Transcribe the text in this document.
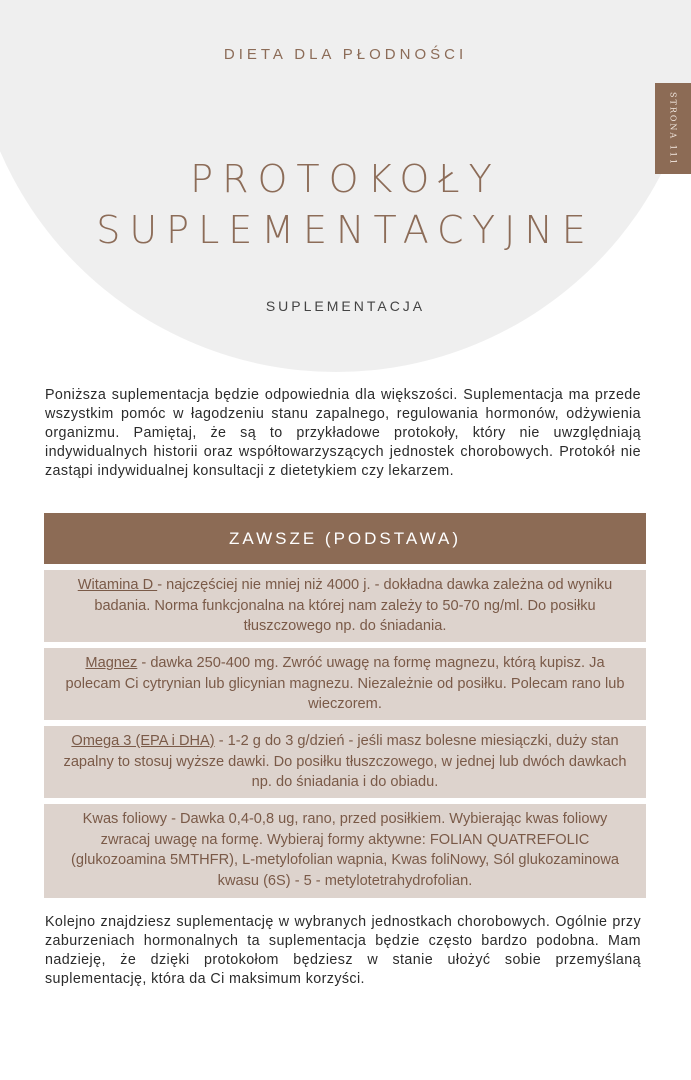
DIETA DLA PŁODNOŚCI
STRONA 111
PROTOKOŁY
SUPLEMENTACYJNE
SUPLEMENTACJA

Poniższa suplementacja będzie odpowiednia dla większości. Suplementacja ma przede wszystkim pomóc w łagodzeniu stanu zapalnego, regulowania hormonów, odżywienia organizmu. Pamiętaj, że są to przykładowe protokoły, który nie uwzględniają indywidualnych historii oraz współtowarzyszących jednostek chorobowych. Protokół nie zastąpi indywidualnej konsultacji z dietetykiem czy lekarzem.

ZAWSZE (PODSTAWA)
Witamina D - najczęściej nie mniej niż 4000 j. - dokładna dawka zależna od wyniku badania. Norma funkcjonalna na której nam zależy to 50-70 ng/ml. Do posiłku tłuszczowego np. do śniadania.
Magnez - dawka 250-400 mg. Zwróć uwagę na formę magnezu, którą kupisz. Ja polecam Ci cytrynian lub glicynian magnezu. Niezależnie od posiłku. Polecam rano lub wieczorem.
Omega 3 (EPA i DHA) - 1-2 g do 3 g/dzień - jeśli masz bolesne miesiączki, duży stan zapalny to stosuj wyższe dawki. Do posiłku tłuszczowego, w jednej lub dwóch dawkach np. do śniadania i do obiadu.
Kwas foliowy - Dawka 0,4-0,8 ug, rano, przed posiłkiem. Wybierając kwas foliowy zwracaj uwagę na formę. Wybieraj formy aktywne: FOLIAN QUATREFOLIC (glukozoamina 5MTHFR), L-metylofolian wapnia, Kwas foliNowy, Sól glukozaminowa kwasu (6S) - 5 - metylotetrahydrofolian.

Kolejno znajdziesz suplementację w wybranych jednostkach chorobowych. Ogólnie przy zaburzeniach hormonalnych ta suplementacja będzie często bardzo podobna. Mam nadzieję, że dzięki protokołom będziesz w stanie ułożyć sobie przemyślaną suplementację, która da Ci maksimum korzyści.
